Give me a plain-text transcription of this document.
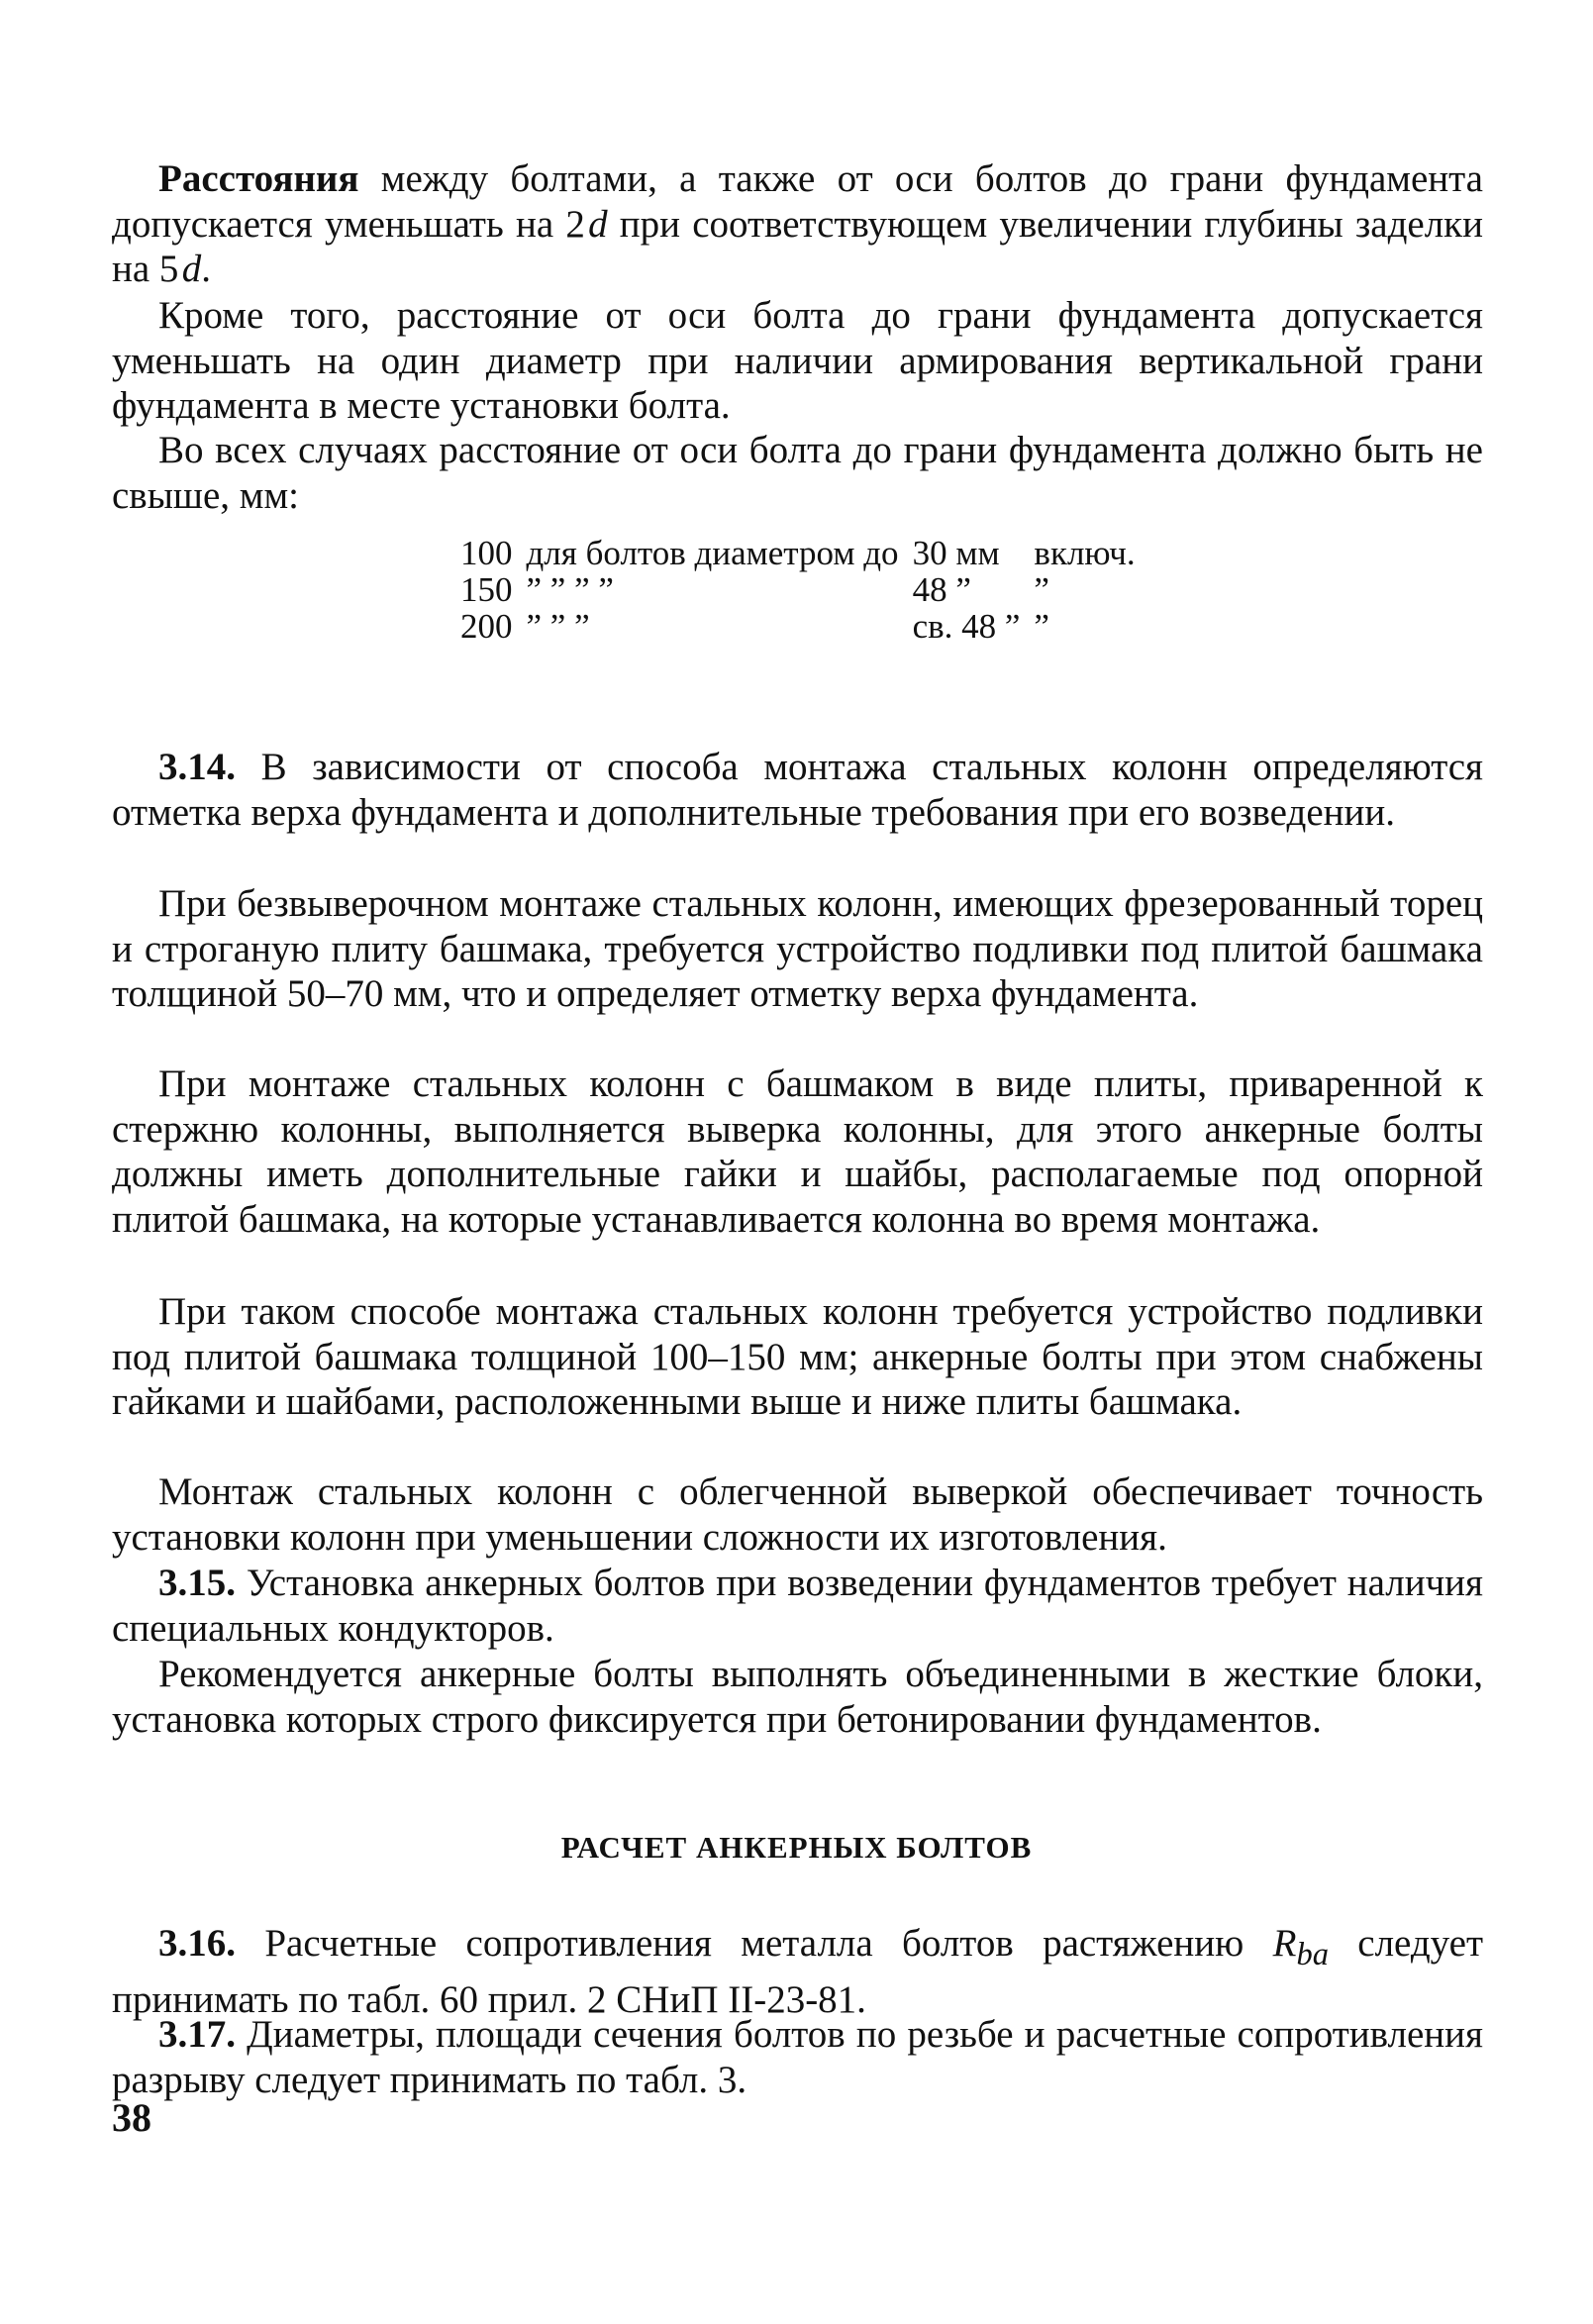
Расстояния между болтами, а также от оси болтов до грани фундамента допускается уменьшать на 2 d при соответствующем увеличении глубины заделки на 5 d.

Кроме того, расстояние от оси болта до грани фундамента допускается уменьшать на один диаметр при наличии армирования вертикальной грани фундамента в месте установки болта.

Во всех случаях расстояние от оси болта до грани фундамента должно быть не свыше, мм:

100	для болтов диаметром до	30 мм	включ.
150	” ” ” ”	48 ”	”
200	” ” ”	св. 48 ”	”

3.14. В зависимости от способа монтажа стальных колонн определяются отметка верха фундамента и дополнительные требования при его возведении.

При безвыверочном монтаже стальных колонн, имеющих фрезерованный торец и строганую плиту башмака, требуется устройство подливки под плитой башмака толщиной 50–70 мм, что и определяет отметку верха фундамента.

При монтаже стальных колонн с башмаком в виде плиты, приваренной к стержню колонны, выполняется выверка колонны, для этого анкерные болты должны иметь дополнительные гайки и шайбы, располагаемые под опорной плитой башмака, на которые устанавливается колонна во время монтажа.

При таком способе монтажа стальных колонн требуется устройство подливки под плитой башмака толщиной 100–150 мм; анкерные болты при этом снабжены гайками и шайбами, расположенными выше и ниже плиты башмака.

Монтаж стальных колонн с облегченной выверкой обеспечивает точность установки колонн при уменьшении сложности их изготовления.

3.15. Установка анкерных болтов при возведении фундаментов требует наличия специальных кондукторов.

Рекомендуется анкерные болты выполнять объединенными в жесткие блоки, установка которых строго фиксируется при бетонировании фундаментов.

РАСЧЕТ АНКЕРНЫХ БОЛТОВ

3.16. Расчетные сопротивления металла болтов растяжению $R_{ba}$ следует принимать по табл. 60 прил. 2 СНиП II-23-81.

3.17. Диаметры, площади сечения болтов по резьбе и расчетные сопротивления разрыву следует принимать по табл. 3.

38
